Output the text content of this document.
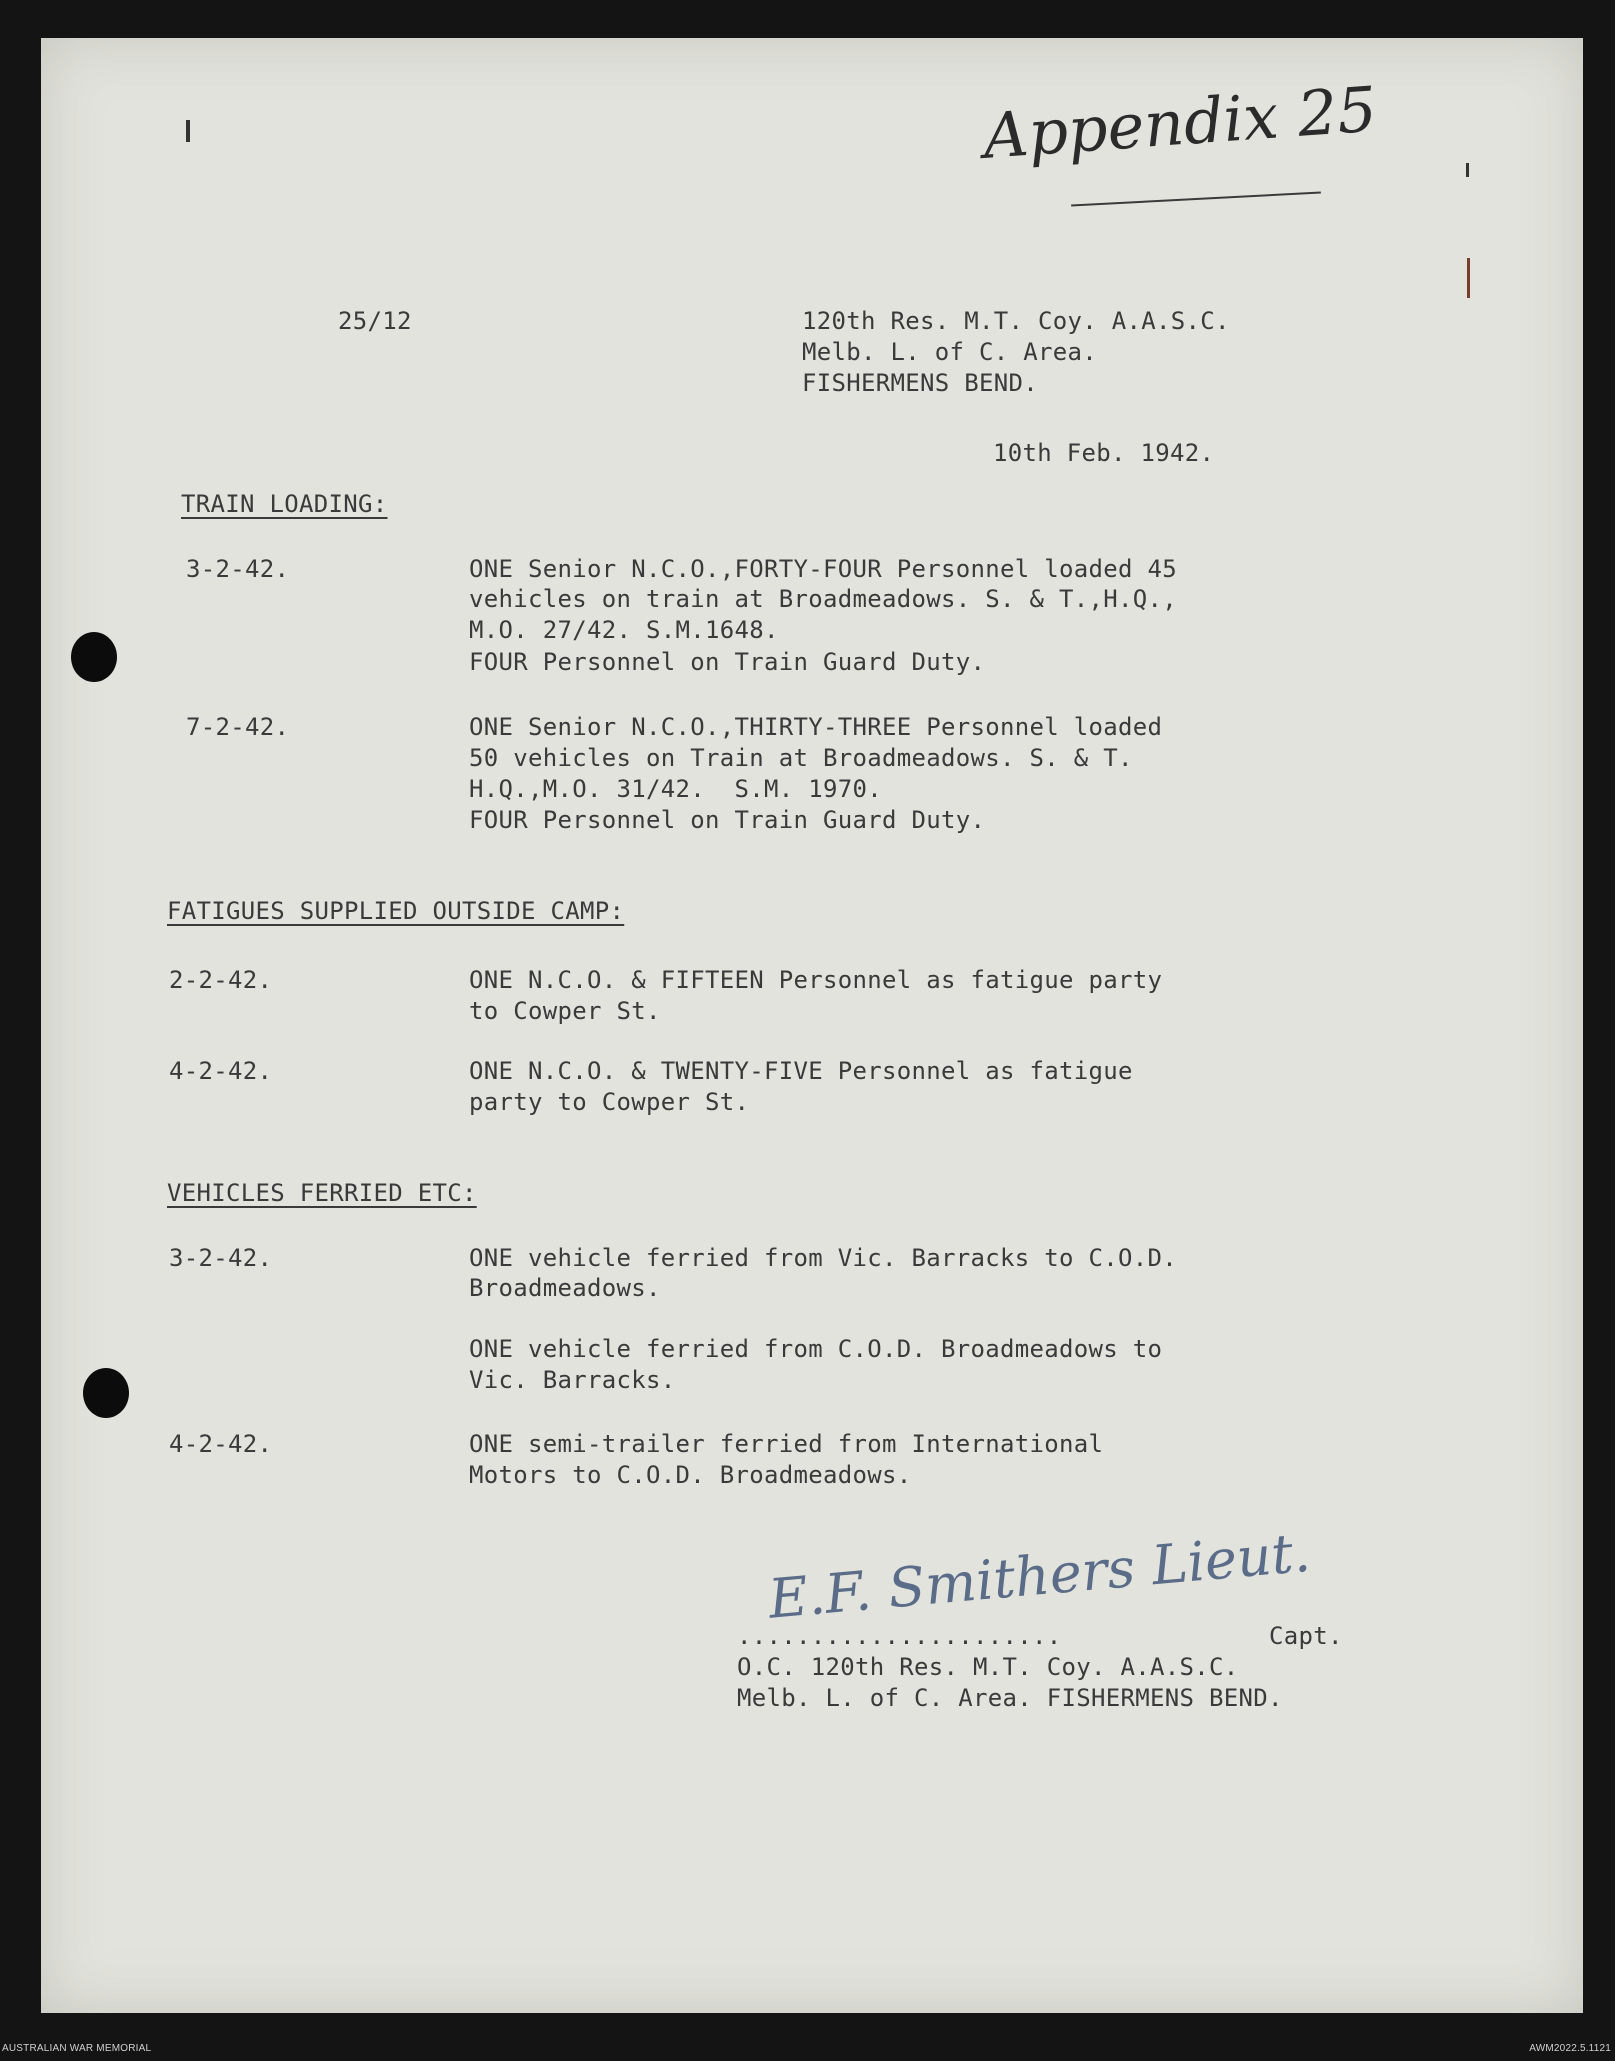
Appendix 25

25/12	120th Res. M.T. Coy. A.A.S.C.

Melb. L. of C. Area.

FISHERMENS BEND.

10th Feb. 1942.

TRAIN LOADING:

3-2-42.	ONE Senior N.C.O.,FORTY-FOUR Personnel loaded 45

vehicles on train at Broadmeadows. S. & T.,H.Q.,

M.O. 27/42. S.M.1648.

FOUR Personnel on Train Guard Duty.

7-2-42.	ONE Senior N.C.O.,THIRTY-THREE Personnel loaded

50 vehicles on Train at Broadmeadows. S. & T.

H.Q.,M.O. 31/42.  S.M. 1970.

FOUR Personnel on Train Guard Duty.

FATIGUES SUPPLIED OUTSIDE CAMP:

2-2-42.	ONE N.C.O. & FIFTEEN Personnel as fatigue party

to Cowper St.

4-2-42.	ONE N.C.O. & TWENTY-FIVE Personnel as fatigue

party to Cowper St.

VEHICLES FERRIED ETC:

3-2-42.	ONE vehicle ferried from Vic. Barracks to C.O.D.

Broadmeadows.

ONE vehicle ferried from C.O.D. Broadmeadows to

Vic. Barracks.

4-2-42.	ONE semi-trailer ferried from International

Motors to C.O.D. Broadmeadows.

E.F. Smithers Lieut.

......................	Capt.

O.C. 120th Res. M.T. Coy. A.A.S.C.

Melb. L. of C. Area. FISHERMENS BEND.

AUSTRALIAN WAR MEMORIAL	AWM2022.5.1121
